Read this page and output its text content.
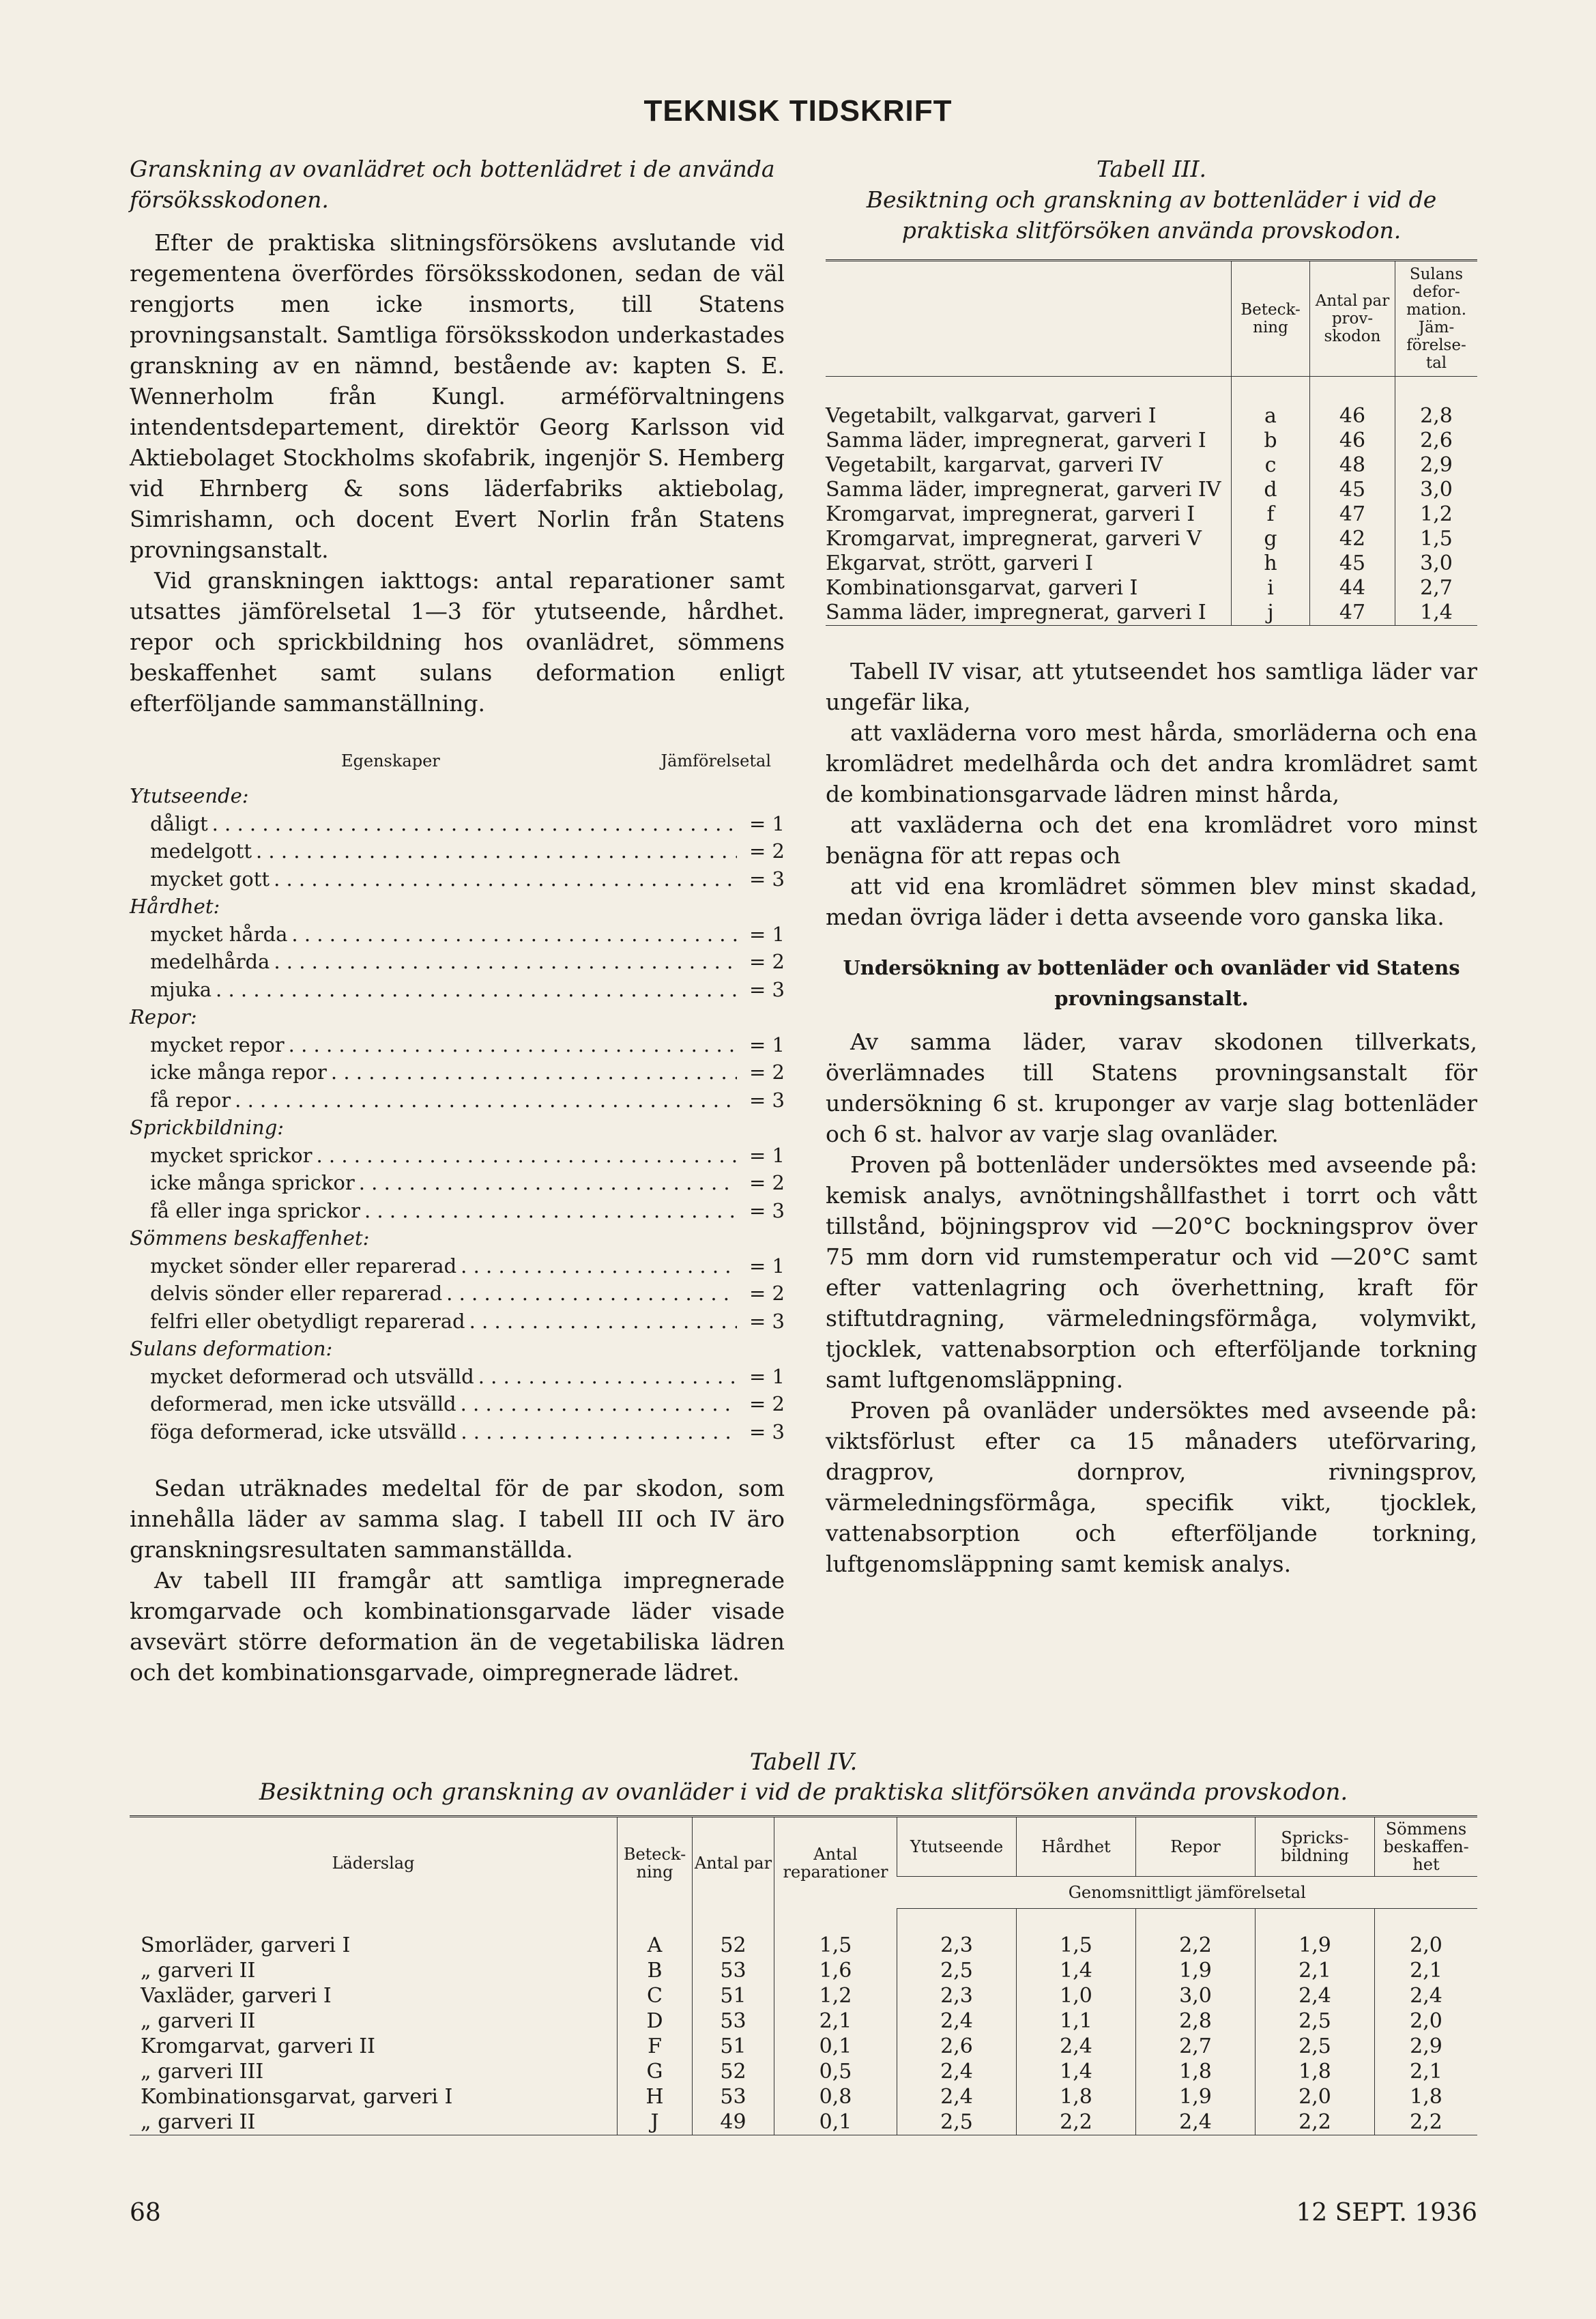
TEKNISK TIDSKRIFT

Granskning av ovanlädret och bottenlädret i de använda försöksskodonen.

Efter de praktiska slitningsförsökens avslutande vid regementena överfördes försöksskodonen, sedan de väl rengjorts men icke insmorts, till Statens provningsanstalt. Samtliga försöksskodon underkastades granskning av en nämnd, bestående av: kapten S. E. Wennerholm från Kungl. arméförvaltningens intendentsdepartement, direktör Georg Karlsson vid Aktiebolaget Stockholms skofabrik, ingenjör S. Hemberg vid Ehrnberg & sons läderfabriks aktiebolag, Simrishamn, och docent Evert Norlin från Statens provningsanstalt.

Vid granskningen iakttogs: antal reparationer samt utsattes jämförelsetal 1—3 för ytutseende, hårdhet. repor och sprickbildning hos ovanlädret, sömmens beskaffenhet samt sulans deformation enligt efterföljande sammanställning.

Egenskaper	Jämförelsetal
Ytutseende:
dåligt . . .	= 1
medelgott . . .	= 2
mycket gott . . .	= 3
Hårdhet:
mycket hårda . . .	= 1
medelhårda . . .	= 2
mjuka . . .	= 3
Repor:
mycket repor . . .	= 1
icke många repor . . .	= 2
få repor . . .	= 3
Sprickbildning:
mycket sprickor . . .	= 1
icke många sprickor . . .	= 2
få eller inga sprickor . . .	= 3
Sömmens beskaffenhet:
mycket sönder eller reparerad . . .	= 1
delvis sönder eller reparerad . . .	= 2
felfri eller obetydligt reparerad . . .	= 3
Sulans deformation:
mycket deformerad och utsvälld . . .	= 1
deformerad, men icke utsvälld . . .	= 2
föga deformerad, icke utsvälld . . .	= 3

Sedan uträknades medeltal för de par skodon, som innehålla läder av samma slag. I tabell III och IV äro granskningsresultaten sammanställda.

Av tabell III framgår att samtliga impregnerade kromgarvade och kombinationsgarvade läder visade avsevärt större deformation än de vegetabiliska lädren och det kombinationsgarvade, oimpregnerade lädret.

Tabell III.

Besiktning och granskning av bottenläder i vid de praktiska slitförsöken använda provskodon.

	Beteck-ning	Antal par prov-skodon	Sulans defor-mation. Jäm-förelse-tal
Vegetabilt, valkgarvat, garveri I	a	46	2,8
Samma läder, impregnerat, garveri I	b	46	2,6
Vegetabilt, kargarvat, garveri IV	c	48	2,9
Samma läder, impregnerat, garveri IV	d	45	3,0
Kromgarvat, impregnerat, garveri I	f	47	1,2
Kromgarvat, impregnerat, garveri V	g	42	1,5
Ekgarvat, strött, garveri I	h	45	3,0
Kombinationsgarvat, garveri I	i	44	2,7
Samma läder, impregnerat, garveri I	j	47	1,4

Tabell IV visar, att ytutseendet hos samtliga läder var ungefär lika,

att vaxläderna voro mest hårda, smorläderna och ena kromlädret medelhårda och det andra kromlädret samt de kombinationsgarvade lädren minst hårda,

att vaxläderna och det ena kromlädret voro minst benägna för att repas och

att vid ena kromlädret sömmen blev minst skadad, medan övriga läder i detta avseende voro ganska lika.

Undersökning av bottenläder och ovanläder vid Statens provningsanstalt.

Av samma läder, varav skodonen tillverkats, överlämnades till Statens provningsanstalt för undersökning 6 st. kruponger av varje slag bottenläder och 6 st. halvor av varje slag ovanläder.

Proven på bottenläder undersöktes med avseende på: kemisk analys, avnötningshållfasthet i torrt och vått tillstånd, böjningsprov vid —20°C bockningsprov över 75 mm dorn vid rumstemperatur och vid —20°C samt efter vattenlagring och överhettning, kraft för stiftutdragning, värmeledningsförmåga, volymvikt, tjocklek, vattenabsorption och efterföljande torkning samt luftgenomsläppning.

Proven på ovanläder undersöktes med avseende på: viktsförlust efter ca 15 månaders uteförvaring, dragprov, dornprov, rivningsprov, värmeledningsförmåga, specifik vikt, tjocklek, vattenabsorption och efterföljande torkning, luftgenomsläppning samt kemisk analys.

Tabell IV.

Besiktning och granskning av ovanläder i vid de praktiska slitförsöken använda provskodon.

Läderslag	Beteck-ning	Antal par	Antal reparationer	Ytutseende	Hårdhet	Repor	Spricks-bildning	Sömmens beskaffen-het
				Genomsnittligt jämförelsetal				
Smorläder, garveri I	A	52	1,5	2,3	1,5	2,2	1,9	2,0
„ garveri II	B	53	1,6	2,5	1,4	1,9	2,1	2,1
Vaxläder, garveri I	C	51	1,2	2,3	1,0	3,0	2,4	2,4
„ garveri II	D	53	2,1	2,4	1,1	2,8	2,5	2,0
Kromgarvat, garveri II	F	51	0,1	2,6	2,4	2,7	2,5	2,9
„ garveri III	G	52	0,5	2,4	1,4	1,8	1,8	2,1
Kombinationsgarvat, garveri I	H	53	0,8	2,4	1,8	1,9	2,0	1,8
„ garveri II	J	49	0,1	2,5	2,2	2,4	2,2	2,2
68	12 SEPT. 1936
